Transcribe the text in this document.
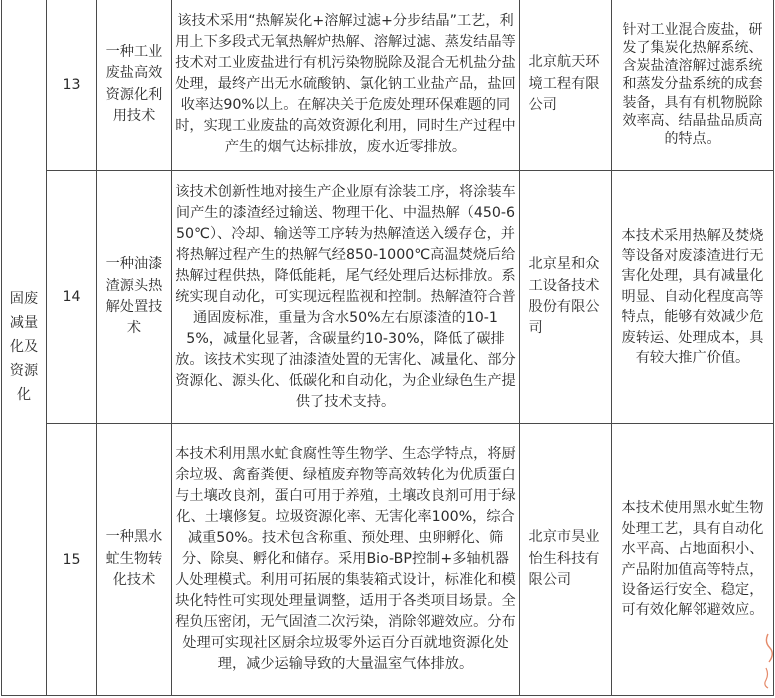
固废减量化及资源化	13	一种工业废盐高效资源化利用技术	该技术采用“热解炭化+溶解过滤+分步结晶”工艺，利用上下多段式无氧热解炉热解、溶解过滤、蒸发结晶等技术对工业废盐进行有机污染物脱除及混合无机盐分盐处理，最终产出无水硫酸钠、氯化钠工业盐产品，盐回收率达90%以上。在解决关于危废处理环保难题的同时，实现工业废盐的高效资源化利用，同时生产过程中产生的烟气达标排放，废水近零排放。	北京航天环境工程有限公司	针对工业混合废盐，研发了集炭化热解系统、含炭盐渣溶解过滤系统和蒸发分盐系统的成套装备，具有有机物脱除效率高、结晶盐品质高的特点。

	14	一种油漆渣源头热解处置技术	该技术创新性地对接生产企业原有涂装工序，将涂装车间产生的漆渣经过输送、物理干化、中温热解（450-650℃）、冷却、输送等工序转为热解渣送入缓存仓，并将热解过程产生的热解气经850-1000℃高温焚烧后给热解过程供热，降低能耗，尾气经处理后达标排放。系统实现自动化，可实现远程监视和控制。热解渣符合普通固废标准，重量为含水50%左右原漆渣的10-15%，减量化显著，含碳量约10-30%，降低了碳排放。该技术实现了油漆渣处置的无害化、减量化、部分资源化、源头化、低碳化和自动化，为企业绿色生产提供了技术支持。	北京星和众工设备技术股份有限公司	本技术采用热解及焚烧等设备对废漆渣进行无害化处理，具有减量化明显、自动化程度高等特点，能够有效减少危废转运、处理成本，具有较大推广价值。

	15	一种黑水虻生物转化技术	本技术利用黑水虻食腐性等生物学、生态学特点，将厨余垃圾、禽畜粪便、绿植废弃物等高效转化为优质蛋白与土壤改良剂，蛋白可用于养殖，土壤改良剂可用于绿化、土壤修复。垃圾资源化率、无害化率100%，综合减重50%。技术包含称重、预处理、虫卵孵化、筛分、除臭、孵化和储存。采用Bio-BP控制+多轴机器人处理模式。利用可拓展的集装箱式设计，标准化和模块化特性可实现处理量调整，适用于各类项目场景。全程负压密闭，无气固渣二次污染，消除邻避效应。分布处理可实现社区厨余垃圾零外运百分百就地资源化处理，减少运输导致的大量温室气体排放。	北京市昊业怡生科技有限公司	本技术使用黑水虻生物处理工艺，具有自动化水平高、占地面积小、产品附加值高等特点，设备运行安全、稳定，可有效化解邻避效应。
